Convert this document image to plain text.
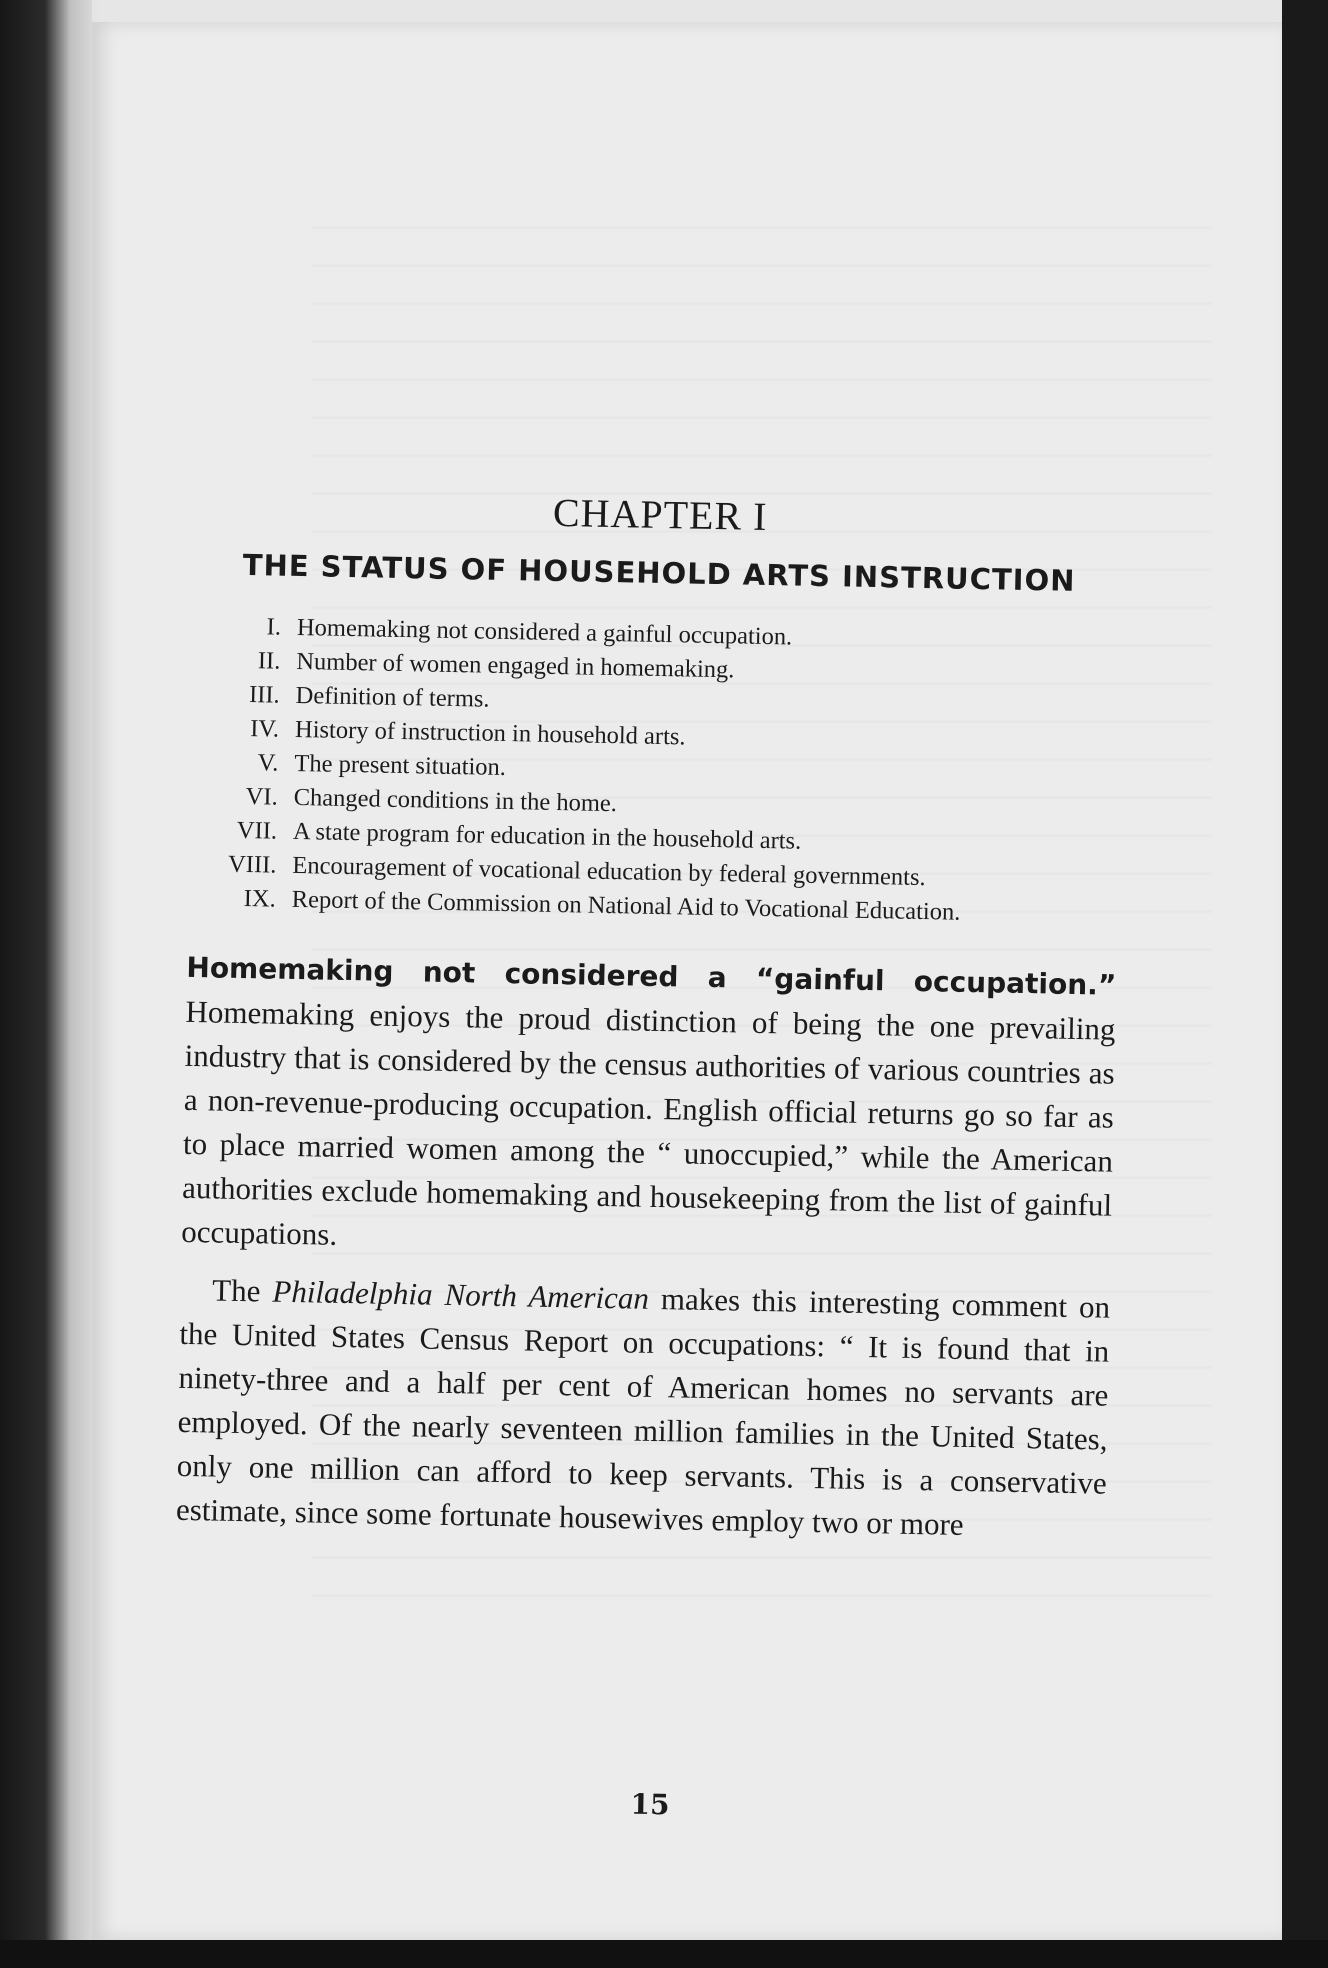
CHAPTER I
THE STATUS OF HOUSEHOLD ARTS INSTRUCTION
I. Homemaking not considered a gainful occupation.
II. Number of women engaged in homemaking.
III. Definition of terms.
IV. History of instruction in household arts.
V. The present situation.
VI. Changed conditions in the home.
VII. A state program for education in the household arts.
VIII. Encouragement of vocational education by federal governments.
IX. Report of the Commission on National Aid to Vocational Education.

Homemaking not considered a “gainful occupation.” Homemaking enjoys the proud distinction of being the one prevailing industry that is considered by the census authorities of various countries as a non-revenue-producing occupation. English official returns go so far as to place married women among the “ unoccupied,” while the American authorities exclude homemaking and housekeeping from the list of gainful occupations.

The Philadelphia North American makes this interesting comment on the United States Census Report on occupations: “ It is found that in ninety-three and a half per cent of American homes no servants are employed. Of the nearly seventeen million families in the United States, only one million can afford to keep servants. This is a conservative estimate, since some fortunate housewives employ two or more

15
